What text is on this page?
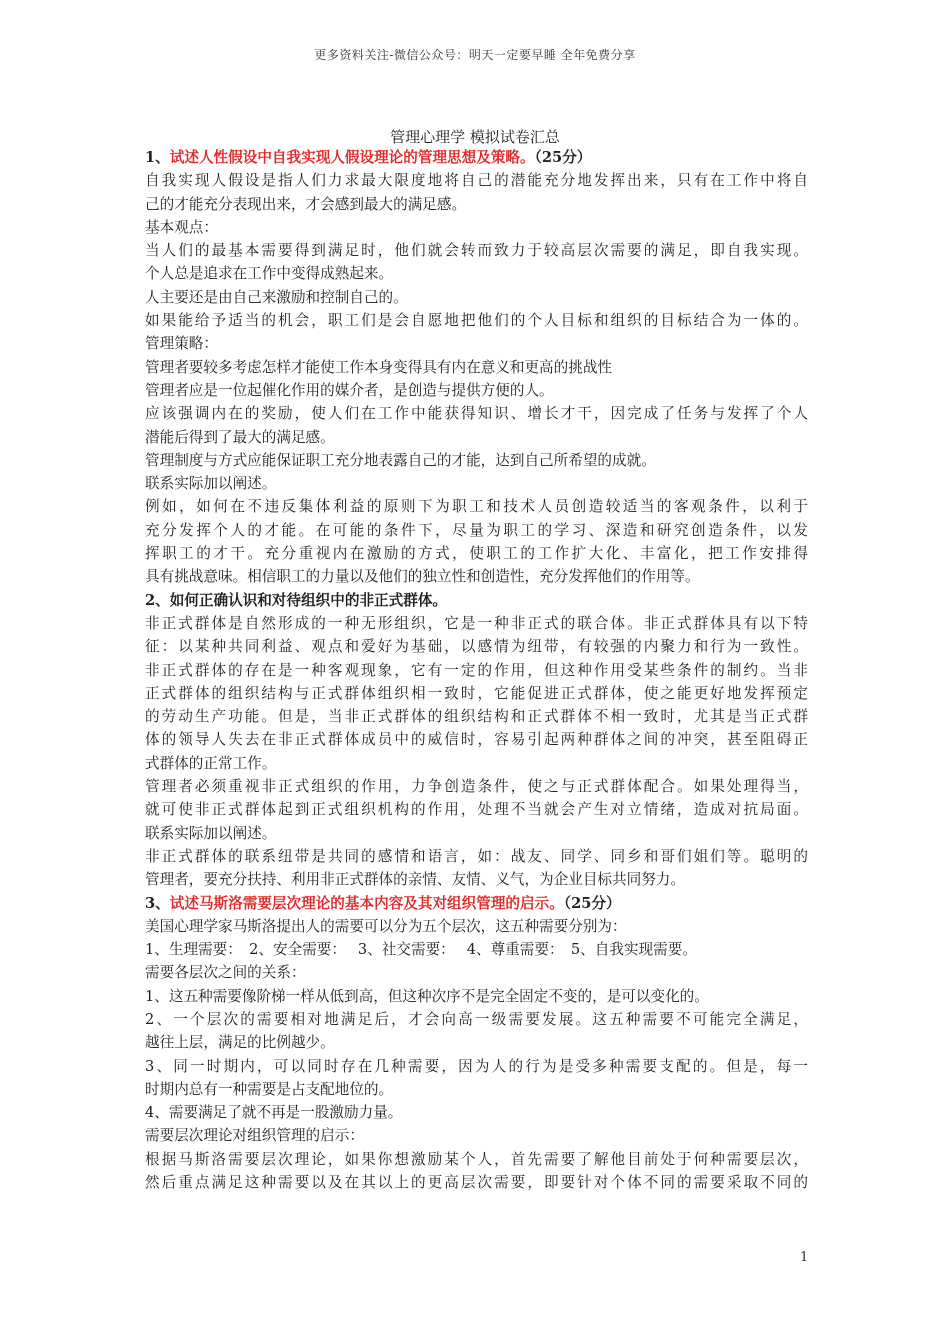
更多资料关注-微信公众号：明天一定要早睡 全年免费分享
管理心理学 模拟试卷汇总
1、试述人性假设中自我实现人假设理论的管理思想及策略。（25分）
自我实现人假设是指人们力求最大限度地将自己的潜能充分地发挥出来，只有在工作中将自
己的才能充分表现出来，才会感到最大的满足感。
基本观点：
当人们的最基本需要得到满足时，他们就会转而致力于较高层次需要的满足，即自我实现。
个人总是追求在工作中变得成熟起来。
人主要还是由自己来激励和控制自己的。
如果能给予适当的机会，职工们是会自愿地把他们的个人目标和组织的目标结合为一体的。
管理策略：
管理者要较多考虑怎样才能使工作本身变得具有内在意义和更高的挑战性
管理者应是一位起催化作用的媒介者，是创造与提供方便的人。
应该强调内在的奖励，使人们在工作中能获得知识、增长才干，因完成了任务与发挥了个人
潜能后得到了最大的满足感。
管理制度与方式应能保证职工充分地表露自己的才能，达到自己所希望的成就。
联系实际加以阐述。
例如，如何在不违反集体利益的原则下为职工和技术人员创造较适当的客观条件，以利于
充分发挥个人的才能。在可能的条件下，尽量为职工的学习、深造和研究创造条件，以发
挥职工的才干。充分重视内在激励的方式，使职工的工作扩大化、丰富化，把工作安排得
具有挑战意味。相信职工的力量以及他们的独立性和创造性，充分发挥他们的作用等。
2、如何正确认识和对待组织中的非正式群体。
非正式群体是自然形成的一种无形组织，它是一种非正式的联合体。非正式群体具有以下特
征：以某种共同利益、观点和爱好为基础，以感情为纽带，有较强的内聚力和行为一致性。
非正式群体的存在是一种客观现象，它有一定的作用，但这种作用受某些条件的制约。当非
正式群体的组织结构与正式群体组织相一致时，它能促进正式群体，使之能更好地发挥预定
的劳动生产功能。但是，当非正式群体的组织结构和正式群体不相一致时，尤其是当正式群
体的领导人失去在非正式群体成员中的威信时，容易引起两种群体之间的冲突，甚至阻碍正
式群体的正常工作。
管理者必须重视非正式组织的作用，力争创造条件，使之与正式群体配合。如果处理得当，
就可使非正式群体起到正式组织机构的作用，处理不当就会产生对立情绪，造成对抗局面。
联系实际加以阐述。
非正式群体的联系纽带是共同的感情和语言，如：战友、同学、同乡和哥们姐们等。聪明的
管理者，要充分扶持、利用非正式群体的亲情、友情、义气，为企业目标共同努力。
3、试述马斯洛需要层次理论的基本内容及其对组织管理的启示。（25分）
美国心理学家马斯洛提出人的需要可以分为五个层次，这五种需要分别为：
1、生理需要：　2、安全需要：　 3、社交需要：　 4、尊重需要：　5、自我实现需要。
需要各层次之间的关系：
1、这五种需要像阶梯一样从低到高，但这种次序不是完全固定不变的，是可以变化的。
2、一个层次的需要相对地满足后，才会向高一级需要发展。这五种需要不可能完全满足，
越往上层，满足的比例越少。
3、同一时期内，可以同时存在几种需要，因为人的行为是受多种需要支配的。但是，每一
时期内总有一种需要是占支配地位的。
4、需要满足了就不再是一股激励力量。
需要层次理论对组织管理的启示：
根据马斯洛需要层次理论，如果你想激励某个人，首先需要了解他目前处于何种需要层次，
然后重点满足这种需要以及在其以上的更高层次需要，即要针对个体不同的需要采取不同的
1
